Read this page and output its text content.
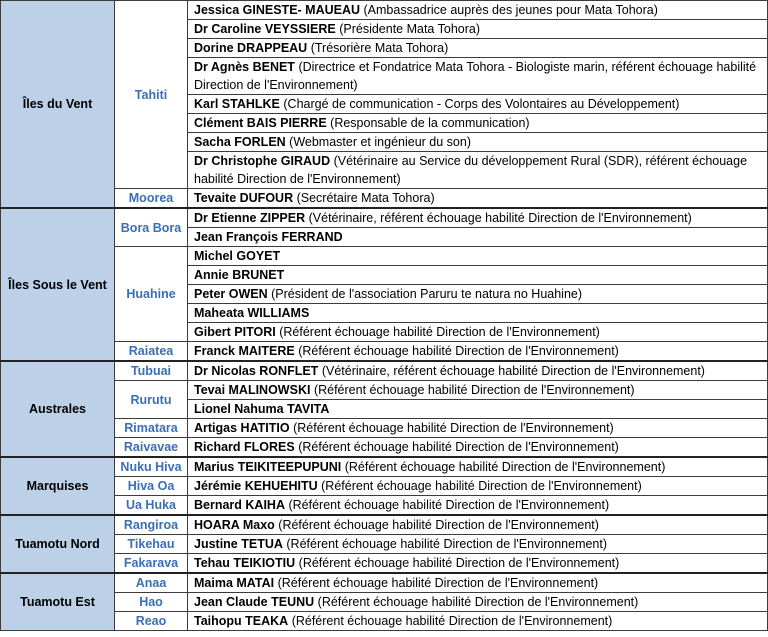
Îles du Vent	Tahiti	Jessica GINESTE- MAUEAU (Ambassadrice auprès des jeunes pour Mata Tohora)
		Dr Caroline VEYSSIERE (Présidente Mata Tohora)
		Dorine DRAPPEAU (Trésorière Mata Tohora)
		Dr Agnès BENET (Directrice et Fondatrice Mata Tohora - Biologiste marin, référent échouage habilité Direction de l'Environnement)
		Karl STAHLKE (Chargé de communication - Corps des Volontaires au Développement)
		Clément BAIS PIERRE (Responsable de la communication)
		Sacha FORLEN (Webmaster et ingénieur du son)
		Dr Christophe GIRAUD (Vétérinaire au Service du développement Rural (SDR), référent échouage habilité Direction de l'Environnement)
	Moorea	Tevaite DUFOUR (Secrétaire Mata Tohora)
Îles Sous le Vent	Bora Bora	Dr Etienne ZIPPER (Vétérinaire, référent échouage habilité Direction de l'Environnement)
		Jean François FERRAND
	Huahine	Michel GOYET
		Annie BRUNET
		Peter OWEN (Président de l'association Paruru te natura no Huahine)
		Maheata WILLIAMS
		Gibert PITORI (Référent échouage habilité Direction de l'Environnement)
	Raiatea	Franck MAITERE (Référent échouage habilité Direction de l'Environnement)
Australes	Tubuai	Dr Nicolas RONFLET (Vétérinaire, référent échouage habilité Direction de l'Environnement)
	Rurutu	Tevai MALINOWSKI (Référent échouage habilité Direction de l'Environnement)
		Lionel Nahuma TAVITA
	Rimatara	Artigas HATITIO (Référent échouage habilité Direction de l'Environnement)
	Raivavae	Richard FLORES (Référent échouage habilité Direction de l'Environnement)
Marquises	Nuku Hiva	Marius TEIKITEEPUPUNI (Référent échouage habilité Direction de l'Environnement)
	Hiva Oa	Jérémie KEHUEHITU (Référent échouage habilité Direction de l'Environnement)
	Ua Huka	Bernard KAIHA (Référent échouage habilité Direction de l'Environnement)
Tuamotu Nord	Rangiroa	HOARA Maxo (Référent échouage habilité Direction de l'Environnement)
	Tikehau	Justine TETUA (Référent échouage habilité Direction de l'Environnement)
	Fakarava	Tehau TEIKIOTIU (Référent échouage habilité Direction de l'Environnement)
Tuamotu Est	Anaa	Maima MATAI (Référent échouage habilité Direction de l'Environnement)
	Hao	Jean Claude TEUNU (Référent échouage habilité Direction de l'Environnement)
	Reao	Taihopu TEAKA (Référent échouage habilité Direction de l'Environnement)
